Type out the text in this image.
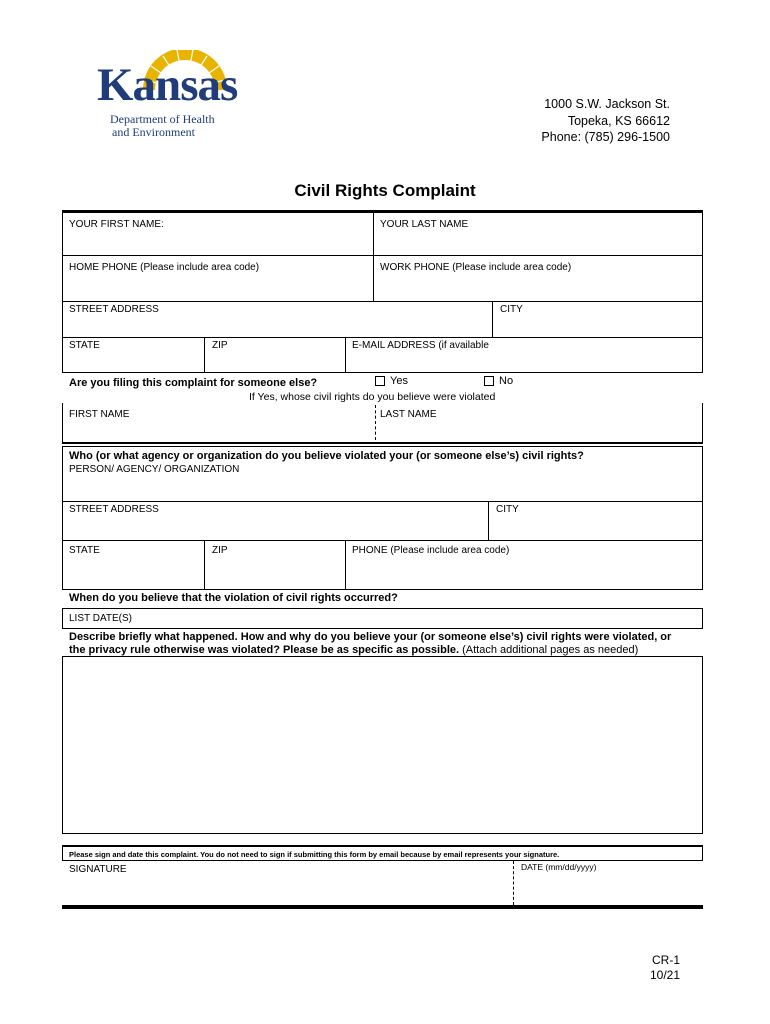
Kansas
Department of Health
and Environment
1000 S.W. Jackson St.
Topeka, KS 66612
Phone: (785) 296-1500
Civil Rights Complaint
YOUR FIRST NAME:	YOUR LAST NAME
HOME PHONE (Please include area code)	WORK PHONE (Please include area code)
STREET ADDRESS	CITY
STATE	ZIP	E-MAIL ADDRESS (if available
Are you filing this complaint for someone else?	Yes	No
If Yes, whose civil rights do you believe were violated
FIRST NAME	LAST NAME
Who (or what agency or organization do you believe violated your (or someone else’s) civil rights?
PERSON/ AGENCY/ ORGANIZATION
STREET ADDRESS	CITY
STATE	ZIP	PHONE (Please include area code)
When do you believe that the violation of civil rights occurred?
LIST DATE(S)
Describe briefly what happened. How and why do you believe your (or someone else’s) civil rights were violated, or
the privacy rule otherwise was violated? Please be as specific as possible. (Attach additional pages as needed)
Please sign and date this complaint. You do not need to sign if submitting this form by email because by email represents your signature.
SIGNATURE	DATE (mm/dd/yyyy)
CR-1
10/21
